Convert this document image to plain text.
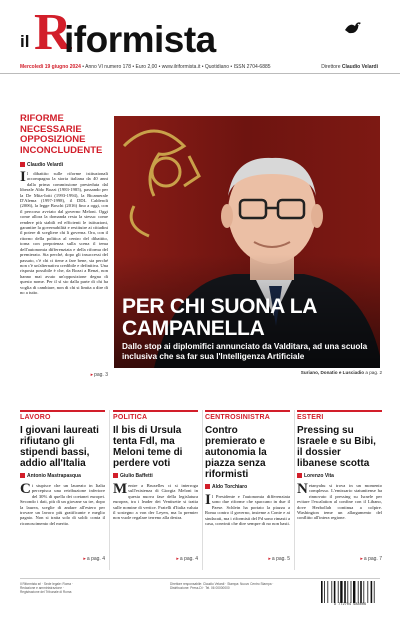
il R
iformista
Mercoledì 19 giugno 2024 • Anno VI numero 178 • Euro 2,00 • www.ilriformista.it • Quotidiano • ISSN 2704-6885	Direttore Claudio Velardi
RIFORME NECESSARIE OPPOSIZIONE INCONCLUDENTE
Claudio Velardi
Il dibattito sulle riforme istituzionali accompagna la storia italiana da 40 anni dalla prima commissione presieduta dal liberale Aldo Bozzi (1983-1985), passando per la De Mita-Iotti (1993-1994), la Bicamerale D'Alema (1997-1998), il DDL Calderoli (2006), la legge Boschi (2016) fino a oggi, con il percorso avviato dal governo Meloni. Oggi come allora la domanda resta la stessa: come rendere più stabili ed efficienti le istituzioni, garantire la governabilità e restituire ai cittadini il potere di scegliere chi li governa. Ora, con il ritorno della politica al centro del dibattito, torna con prepotenza sulla scena il tema dell'autonomia differenziata e della riforma del premierato. Sia perché, dopo gli insuccessi del passato, c'è chi ci tiene a fare bene, sia perché non c'è un'alternativa credibile e definitiva. Una risposta possibile è che, da Bozzi a Renzi, non hanno mai avuto un'opposizione degna di questo nome. Per il sì sto dalla parte di chi ha voglia di cambiare, non di chi si limita a dire di no a tutto.
▸ pag. 3
PER CHI SUONA LA CAMPANELLA
Dallo stop ai diplomifici annunciato da Valditara, ad una scuola inclusiva che sa far sua l'Intelligenza Artificiale
Suriano, Donatio e Lusciadio a pag. 2
LAVORO
I giovani laureati rifiutano gli stipendi bassi, addio all'Italia
Antonio Mastrapasqua
Ci stupisce che un laureato in Italia percepisca una retribuzione inferiore del 30% di quella dei coetanei europei. Secondo i dati, più di un giovane su tre, dopo la laurea, sceglie di andare all'estero per trovare un lavoro più gratificante e meglio pagato. Non si tratta solo di soldi: conta il riconoscimento del merito.
▸ a pag. 4
POLITICA
Il bis di Ursula tenta Fdl, ma Meloni teme di perdere voti
Giulio Baffetti
Mentre a Bruxelles ci si interroga sull'esistenza di Giorgia Meloni in questa nuova fase della legislatura europea, tra i leader dei Ventisette si tratta sulle nomine di vertice. Fratelli d'Italia valuta il sostegno a von der Leyen, ma la premier non vuole regalare terreno alla destra.
▸ a pag. 4
CENTROSINISTRA
Contro premierato e autonomia la piazza senza riformisti
Aldo Torchiaro
Il Presidente e l'autonomia differenziata sono due riforme che spaccano in due il Paese. Schlein ha portato la piazza a Roma contro il governo, insieme a Conte e ai sindacati, ma i riformisti del Pd sono rimasti a casa, convinti che dire sempre di no non basti.
▸ a pag. 5
ESTERI
Pressing su Israele e su Bibi, il dossier libanese scotta
Lorenzo Vita
Netanyahu si trova in un momento complesso. L'emissario statunitense ha rinnovato il pressing su Israele per evitare l'escalation al confine con il Libano, dove Hezbollah continua a colpire. Washington teme un allargamento del conflitto all'intera regione.
▸ a pag. 7
Il Riformista srl · Sede legale: Roma · Redazione e amministrazione · Registrazione del Tribunale di Roma
Direttore responsabile: Claudio Velardi · Stampa: Nuovo Centro Stampa · Distribuzione: Press-Di · Tel. 06 00000000
9 772704 688006
